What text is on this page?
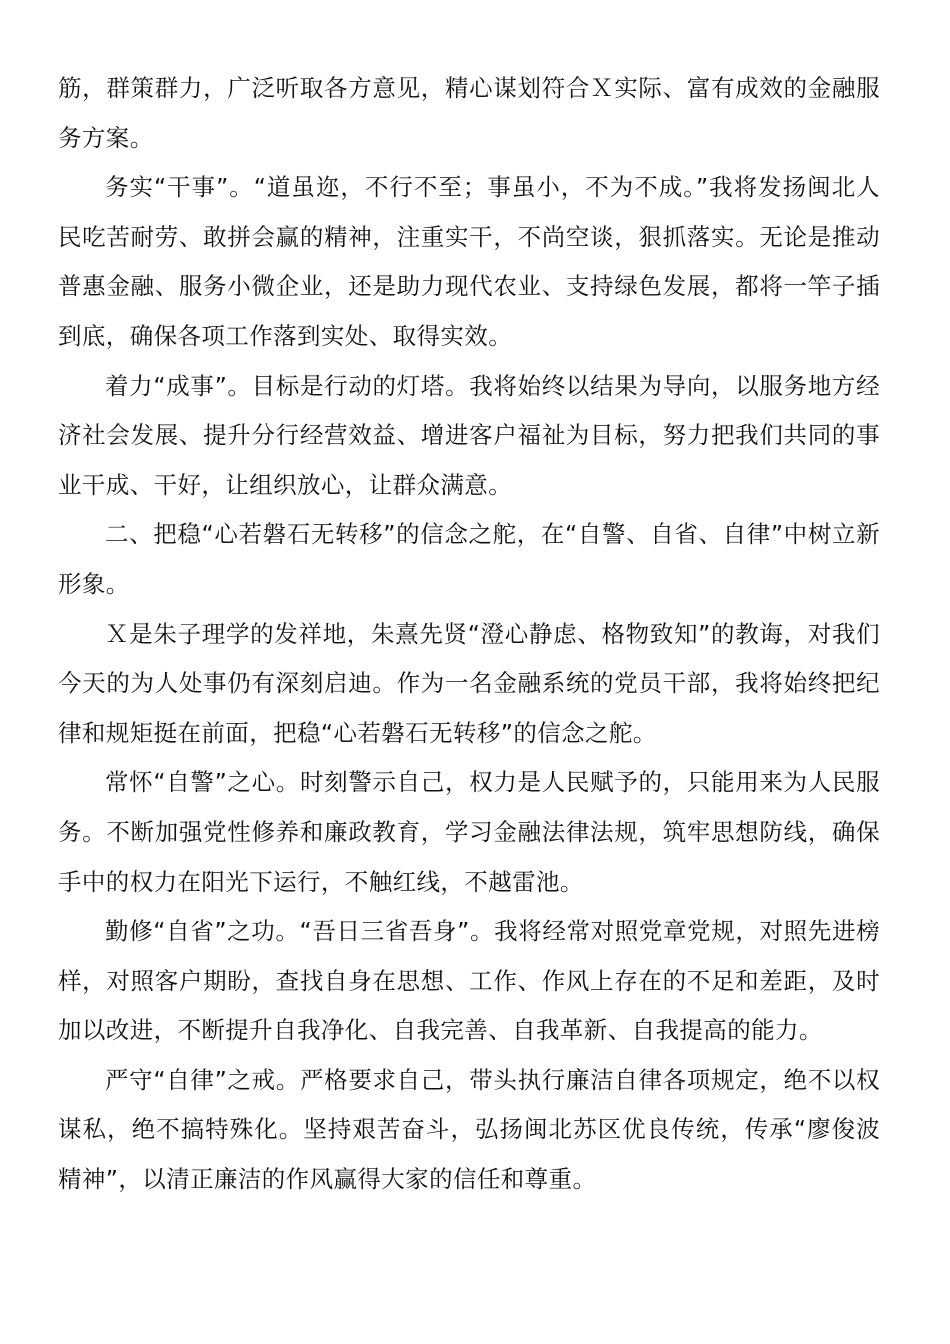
筋，群策群力，广泛听取各方意见，精心谋划符合Ｘ实际、富有成效的金融服务方案。

务实“干事”。“道虽迩，不行不至；事虽小，不为不成。”我将发扬闽北人民吃苦耐劳、敢拼会赢的精神，注重实干，不尚空谈，狠抓落实。无论是推动普惠金融、服务小微企业，还是助力现代农业、支持绿色发展，都将一竿子插到底，确保各项工作落到实处、取得实效。

着力“成事”。目标是行动的灯塔。我将始终以结果为导向，以服务地方经济社会发展、提升分行经营效益、增进客户福祉为目标，努力把我们共同的事业干成、干好，让组织放心，让群众满意。

二、把稳“心若磐石无转移”的信念之舵，在“自警、自省、自律”中树立新形象。

Ｘ是朱子理学的发祥地，朱熹先贤“澄心静虑、格物致知”的教诲，对我们今天的为人处事仍有深刻启迪。作为一名金融系统的党员干部，我将始终把纪律和规矩挺在前面，把稳“心若磐石无转移”的信念之舵。

常怀“自警”之心。时刻警示自己，权力是人民赋予的，只能用来为人民服务。不断加强党性修养和廉政教育，学习金融法律法规，筑牢思想防线，确保手中的权力在阳光下运行，不触红线，不越雷池。

勤修“自省”之功。“吾日三省吾身”。我将经常对照党章党规，对照先进榜样，对照客户期盼，查找自身在思想、工作、作风上存在的不足和差距，及时加以改进，不断提升自我净化、自我完善、自我革新、自我提高的能力。

严守“自律”之戒。严格要求自己，带头执行廉洁自律各项规定，绝不以权谋私，绝不搞特殊化。坚持艰苦奋斗，弘扬闽北苏区优良传统，传承“廖俊波精神”，以清正廉洁的作风赢得大家的信任和尊重。
